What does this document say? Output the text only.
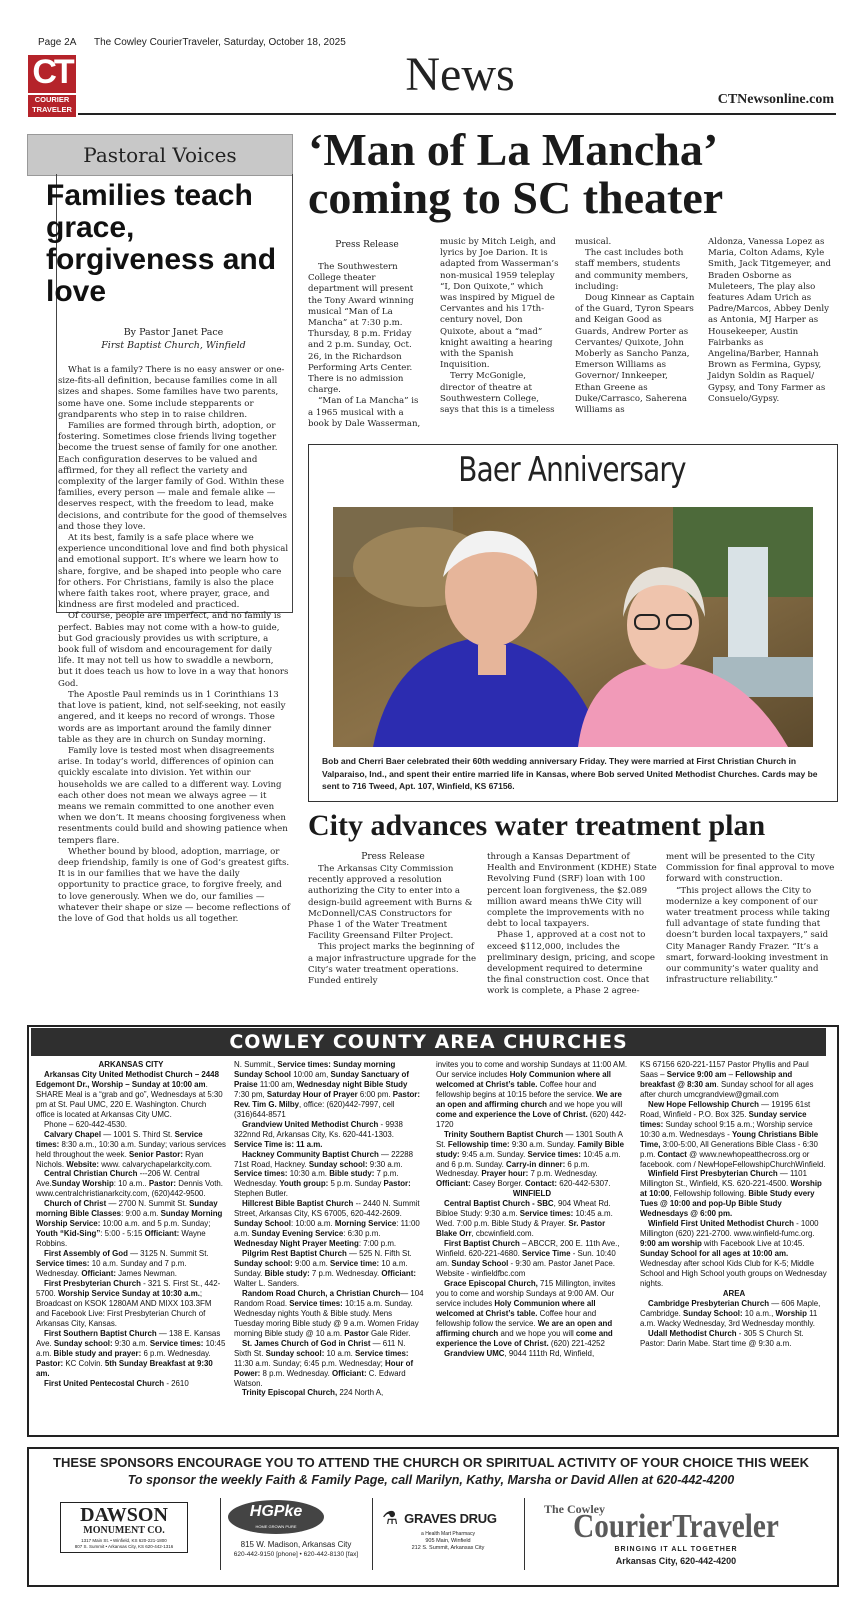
Page 2A The Cowley CourierTraveler, Saturday, October 18, 2025
CT
COURIER
TRAVELER
News	CTNewsonline.com
Pastoral Voices
Families teach grace, forgiveness and love
By Pastor Janet Pace
First Baptist Church, Winfield

What is a family? There is no easy answer or one-size-fits-all definition, because families come in all sizes and shapes. Some families have two parents, some have one. Some include stepparents or grandparents who step in to raise children.

Families are formed through birth, adoption, or fostering. Sometimes close friends living together become the truest sense of family for one another. Each configuration deserves to be valued and affirmed, for they all reflect the variety and complexity of the larger family of God. Within these families, every person — male and female alike — deserves respect, with the freedom to lead, make decisions, and contribute for the good of themselves and those they love.

At its best, family is a safe place where we experience unconditional love and find both physical and emotional support. It’s where we learn how to share, forgive, and be shaped into people who care for others. For Christians, family is also the place where faith takes root, where prayer, grace, and kindness are first modeled and practiced.

Of course, people are imperfect, and no family is perfect. Babies may not come with a how-to guide, but God graciously provides us with scripture, a book full of wisdom and encouragement for daily life. It may not tell us how to swaddle a newborn, but it does teach us how to love in a way that honors God.

The Apostle Paul reminds us in 1 Corinthians 13 that love is patient, kind, not self-seeking, not easily angered, and it keeps no record of wrongs. Those words are as important around the family dinner table as they are in church on Sunday morning.

Family love is tested most when disagreements arise. In today’s world, differences of opinion can quickly escalate into division. Yet within our households we are called to a different way. Loving each other does not mean we always agree — it means we remain committed to one another even when we don’t. It means choosing forgiveness when resentments could build and showing patience when tempers flare.

Whether bound by blood, adoption, marriage, or deep friendship, family is one of God’s greatest gifts. It is in our families that we have the daily opportunity to practice grace, to forgive freely, and to love generously. When we do, our families — whatever their shape or size — become reflections of the love of God that holds us all together.

‘Man of La Mancha’ coming to SC theater
Press Release

The Southwestern College theater department will present the Tony Award winning musical “Man of La Mancha” at 7:30 p.m. Thursday, 8 p.m. Friday and 2 p.m. Sunday, Oct. 26, in the Richardson Performing Arts Center. There is no admission charge.

“Man of La Mancha” is a 1965 musical with a book by Dale Wasserman,

music by Mitch Leigh, and lyrics by Joe Darion. It is adapted from Wasserman’s non-musical 1959 teleplay “I, Don Quixote,” which was inspired by Miguel de Cervantes and his 17th-century novel, Don Quixote, about a “mad” knight awaiting a hearing with the Spanish Inquisition.

Terry McGonigle, director of theatre at Southwestern College, says that this is a timeless

musical.

The cast includes both staff members, students and community members, including:

Doug Kinnear as Captain of the Guard, Tyron Spears and Keigan Good as Guards, Andrew Porter as Cervantes/ Quixote, John Moberly as Sancho Panza, Emerson Williams as Governor/ Innkeeper, Ethan Greene as Duke/Carrasco, Saherena Williams as

Aldonza, Vanessa Lopez as Maria, Colton Adams, Kyle Smith, Jack Titgemeyer, and Braden Osborne as Muleteers, The play also features Adam Urich as Padre/Marcos, Abbey Denly as Antonia, MJ Harper as Housekeeper, Austin Fairbanks as Angelina/Barber, Hannah Brown as Fermina, Gypsy, Jaidyn Soldin as Raquel/ Gypsy, and Tony Farmer as Consuelo/Gypsy.

Baer Anniversary
Bob and Cherri Baer celebrated their 60th wedding anniversary Friday. They were married at First Christian Church in Valparaiso, Ind., and spent their entire married life in Kansas, where Bob served United Methodist Churches. Cards may be sent to 716 Tweed, Apt. 107, Winfield, KS 67156.
City advances water treatment plan
Press Release

The Arkansas City Commission recently approved a resolution authorizing the City to enter into a design-build agreement with Burns & McDonnell/CAS Constructors for Phase 1 of the Water Treatment Facility Greensand Filter Project.

This project marks the beginning of a major infrastructure upgrade for the City’s water treatment operations. Funded entirely

through a Kansas Department of Health and Environment (KDHE) State Revolving Fund (SRF) loan with 100 percent loan forgiveness, the $2.089 million award means thWe City will complete the improvements with no debt to local taxpayers.

Phase 1, approved at a cost not to exceed $112,000, includes the preliminary design, pricing, and scope development required to determine the final construction cost. Once that work is complete, a Phase 2 agree-

ment will be presented to the City Commission for final approval to move forward with construction.

“This project allows the City to modernize a key component of our water treatment process while taking full advantage of state funding that doesn’t burden local taxpayers,” said City Manager Randy Frazer. “It’s a smart, forward-looking investment in our community’s water quality and infrastructure reliability.”

COWLEY COUNTY AREA CHURCHES

ARKANSAS CITY

Arkansas City United Methodist Church – 2448 Edgemont Dr., Worship – Sunday at 10:00 am. SHARE Meal is a “grab and go”, Wednesdays at 5:30 pm at St. Paul UMC, 220 E. Washington. Church office is located at Arkansas City UMC.

Phone – 620-442-4530.

Calvary Chapel — 1001 S. Third St. Service times: 8:30 a.m., 10:30 a.m. Sunday; various services held throughout the week. Senior Pastor: Ryan Nichols. Website: www. calvarychapelarkcity.com.

Central Christian Church ---206 W. Central Ave.Sunday Worship: 10 a.m.. Pastor: Dennis Voth. www.centralchristianarkcity.com, (620)442-9500.

Church of Christ — 2700 N. Summit St. Sunday morning Bible Classes: 9:00 a.m. Sunday Morning Worship Service: 10:00 a.m. and 5 p.m. Sunday; Youth “Kid-Sing”: 5:00 - 5:15 Officiant: Wayne Robbins.

First Assembly of God — 3125 N. Summit St. Service times: 10 a.m. Sunday and 7 p.m. Wednesday. Officiant: James Newman.

First Presbyterian Church - 321 S. First St., 442-5700. Worship Service Sunday at 10:30 a.m.; Broadcast on KSOK 1280AM AND MIXX 103.3FM and Facebook Live: First Presbyterian Church of Arkansas City, Kansas.

First Southern Baptist Church — 138 E. Kansas Ave. Sunday school: 9:30 a.m. Service times: 10:45 a.m. Bible study and prayer: 6 p.m. Wednesday. Pastor: KC Colvin. 5th Sunday Breakfast at 9:30 am.

First United Pentecostal Church - 2610

N. Summit., Service times: Sunday morning Sunday School 10:00 am, Sunday Sanctuary of Praise 11:00 am, Wednesday night Bible Study 7:30 pm, Saturday Hour of Prayer 6:00 pm. Pastor: Rev. Tim G. Milby, office: (620)442-7997, cell (316)644-8571

Grandview United Methodist Church - 9938 322nnd Rd, Arkansas City, Ks. 620-441-1303. Service Time is: 11 a.m.

Hackney Community Baptist Church — 22288 71st Road, Hackney. Sunday school: 9:30 a.m. Service times: 10:30 a.m. Bible study: 7 p.m. Wednesday. Youth group: 5 p.m. Sunday Pastor: Stephen Butler.

Hillcrest Bible Baptist Church -- 2440 N. Summit Street, Arkansas City, KS 67005, 620-442-2609. Sunday School: 10:00 a.m. Morning Service: 11:00 a.m. Sunday Evening Service: 6:30 p.m. Wednesday Night Prayer Meeting: 7:00 p.m.

Pilgrim Rest Baptist Church — 525 N. Fifth St. Sunday school: 9:00 a.m. Service time: 10 a.m. Sunday. Bible study: 7 p.m. Wednesday. Officiant: Walter L. Sanders.

Random Road Church, a Christian Church— 104 Random Road. Service times: 10:15 a.m. Sunday. Wednesday nights Youth & Bible study. Mens Tuesday moring Bible study @ 9 a.m. Women Friday morning Bible study @ 10 a.m. Pastor Gale Rider.

St. James Church of God in Christ — 611 N. Sixth St. Sunday school: 10 a.m. Service times: 11:30 a.m. Sunday; 6:45 p.m. Wednesday; Hour of Power: 8 p.m. Wednesday. Officiant: C. Edward Watson.

Trinity Episcopal Church, 224 North A,

invites you to come and worship Sundays at 11:00 AM. Our service includes Holy Communion where all welcomed at Christ’s table. Coffee hour and fellowship begins at 10:15 before the service. We are an open and affirming church and we hope you will come and experience the Love of Christ. (620) 442-1720

Trinity Southern Baptist Church — 1301 South A St. Fellowship time: 9:30 a.m. Sunday. Family Bible study: 9:45 a.m. Sunday. Service times: 10:45 a.m. and 6 p.m. Sunday. Carry-in dinner: 6 p.m. Wednesday. Prayer hour: 7 p.m. Wednesday. Officiant: Casey Borger. Contact: 620-442-5307.

WINFIELD

Central Baptist Church - SBC, 904 Wheat Rd. Bibloe Study: 9:30 a.m. Service times: 10:45 a.m. Wed. 7:00 p.m. Bible Study & Prayer. Sr. Pastor Blake Orr, cbcwinfield.com.

First Baptist Church – ABCCR, 200 E. 11th Ave., Winfield. 620-221-4680. Service Time - Sun. 10:40 am. Sunday School - 9:30 am. Pastor Janet Pace. Website - winfieldfbc.com

Grace Episcopal Church, 715 Millington, invites you to come and worship Sundays at 9:00 AM. Our service includes Holy Communion where all welcomed at Christ’s table. Coffee hour and fellowship follow the service. We are an open and affirming church and we hope you will come and experience the Love of Christ. (620) 221-4252

Grandview UMC, 9044 111th Rd, Winfield,

KS 67156 620-221-1157 Pastor Phyllis and Paul Saas – Service 9:00 am – Fellowship and breakfast @ 8:30 am. Sunday school for all ages after church umcgrandview@gmail.com

New Hope Fellowship Church — 19195 61st Road, Winfield - P.O. Box 325. Sunday service times: Sunday school 9:15 a.m.; Worship service 10:30 a.m. Wednesdays - Young Christians Bible Time, 3:00-5:00, All Generations Bible Class - 6:30 p.m. Contact @ www.newhopeatthecross.org or facebook. com / NewHopeFellowshipChurchWinfield.

Winfield First Presbyterian Church — 1101 Millington St., Winfield, KS. 620-221-4500. Worship at 10:00, Fellowship following. Bible Study every Tues @ 10:00 and pop-Up Bible Study Wednesdays @ 6:00 pm.

Winfield First United Methodist Church - 1000 Millington (620) 221-2700. www.winfield-fumc.org. 9:00 am worship with Facebook Live at 10:45. Sunday School for all ages at 10:00 am. Wednesday after school Kids Club for K-5; Middle School and High School youth groups on Wednesday nights.

AREA

Cambridge Presbyterian Church — 606 Maple, Cambridge. Sunday School: 10 a.m., Worship 11 a.m. Wacky Wednesday, 3rd Wednesday monthly.

Udall Methodist Church - 305 S Church St. Pastor: Darin Mabe. Start time @ 9:30 a.m.

THESE SPONSORS ENCOURAGE YOU TO ATTEND THE CHURCH OR SPIRITUAL ACTIVITY OF YOUR CHOICE THIS WEEK
To sponsor the weekly Faith & Family Page, call Marilyn, Kathy, Marsha or David Allen at 620-442-4200
DAWSON
MONUMENT CO.
1317 Main St. • Winfield, KS 620-221-1800
807 S. Summit • Arkansas City, KS 620-442-1316
HGPke
HOME GROWN PURE
815 W. Madison, Arkansas City
620-442-9150 [phone] • 620-442-8130 [fax]
⚗ GRAVES DRUG
a Health Mart Pharmacy
905 Main, Winfield
212 S. Summit, Arkansas City
The Cowley
CourierTraveler
BRINGING IT ALL TOGETHER
Arkansas City, 620-442-4200
